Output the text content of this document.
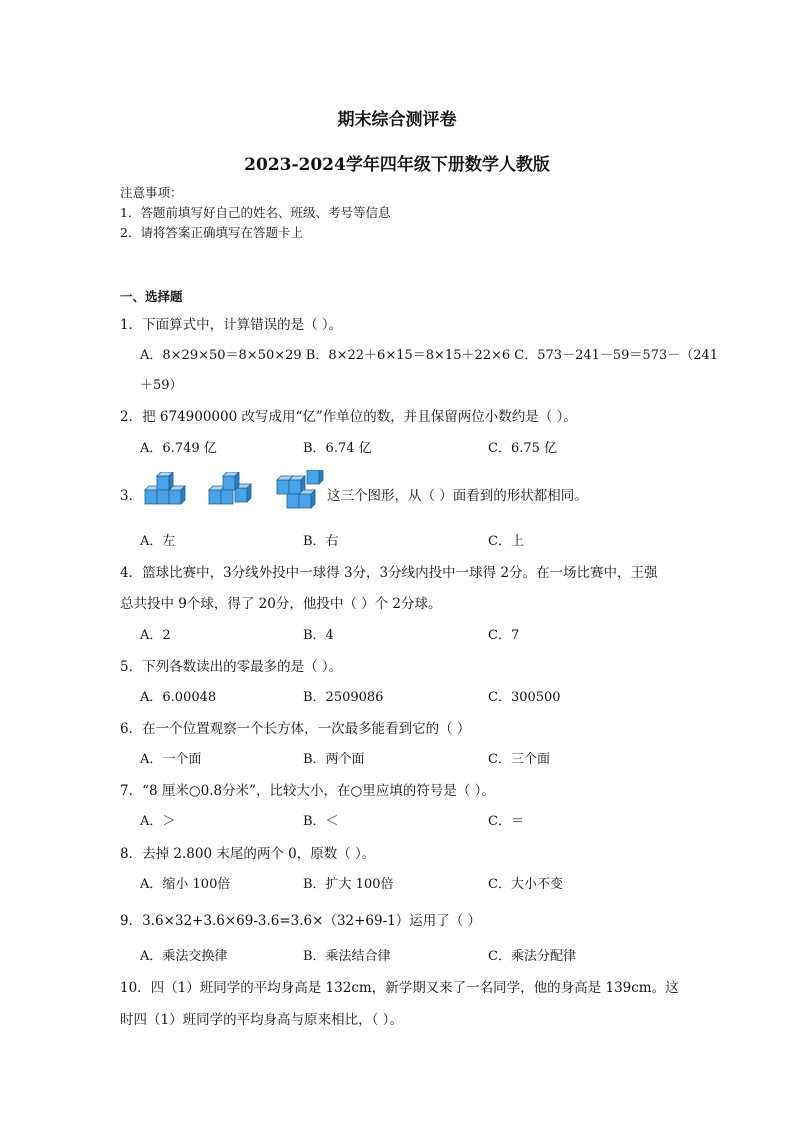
期末综合测评卷
2023-2024学年四年级下册数学人教版
注意事项：
1．答题前填写好自己的姓名、班级、考号等信息
2．请将答案正确填写在答题卡上
一、选择题
1．下面算式中，计算错误的是（ ）。
A．8×29×50＝8×50×29 B．8×22＋6×15＝8×15＋22×6 C．573－241－59＝573－（241
＋59）
2．把 674900000 改写成用“亿”作单位的数，并且保留两位小数约是（ ）。
A．6.749 亿	B．6.74 亿	C．6.75 亿
3．	这三个图形，从（ ）面看到的形状都相同。
A．左	B．右	C．上
4．篮球比赛中，3分线外投中一球得 3分，3分线内投中一球得 2分。在一场比赛中，王强
总共投中 9个球，得了 20分，他投中（ ）个 2分球。
A．2	B．4	C．7
5．下列各数读出的零最多的是（ ）。
A．6.00048	B．2509086	C．300500
6．在一个位置观察一个长方体，一次最多能看到它的（ ）
A．一个面	B．两个面	C．三个面
7．“8 厘米○0.8分米”，比较大小，在○里应填的符号是（ ）。
A．＞	B．＜	C．＝
8．去掉 2.800 末尾的两个 0，原数（ ）。
A．缩小 100倍	B．扩大 100倍	C．大小不变
9．3.6×32+3.6×69-3.6=3.6×（32+69-1）运用了（ ）
A．乘法交换律	B．乘法结合律	C．乘法分配律
10．四（1）班同学的平均身高是 132cm，新学期又来了一名同学，他的身高是 139cm。这
时四（1）班同学的平均身高与原来相比，（ ）。
